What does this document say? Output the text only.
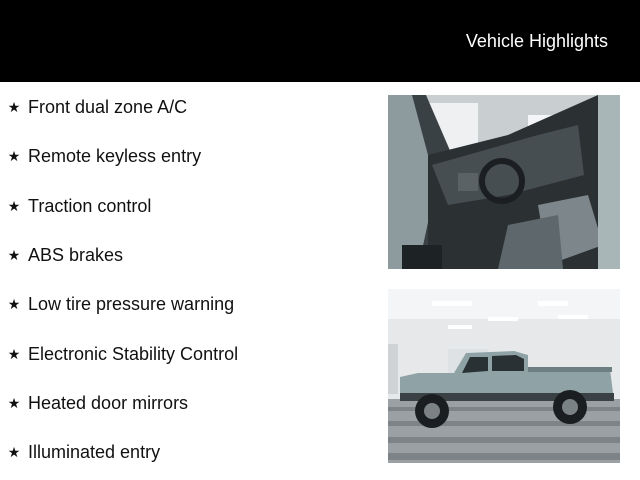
Vehicle Highlights
★ Front dual zone A/C
★ Remote keyless entry
★ Traction control
★ ABS brakes
★ Low tire pressure warning
★ Electronic Stability Control
★ Heated door mirrors
★ Illuminated entry
